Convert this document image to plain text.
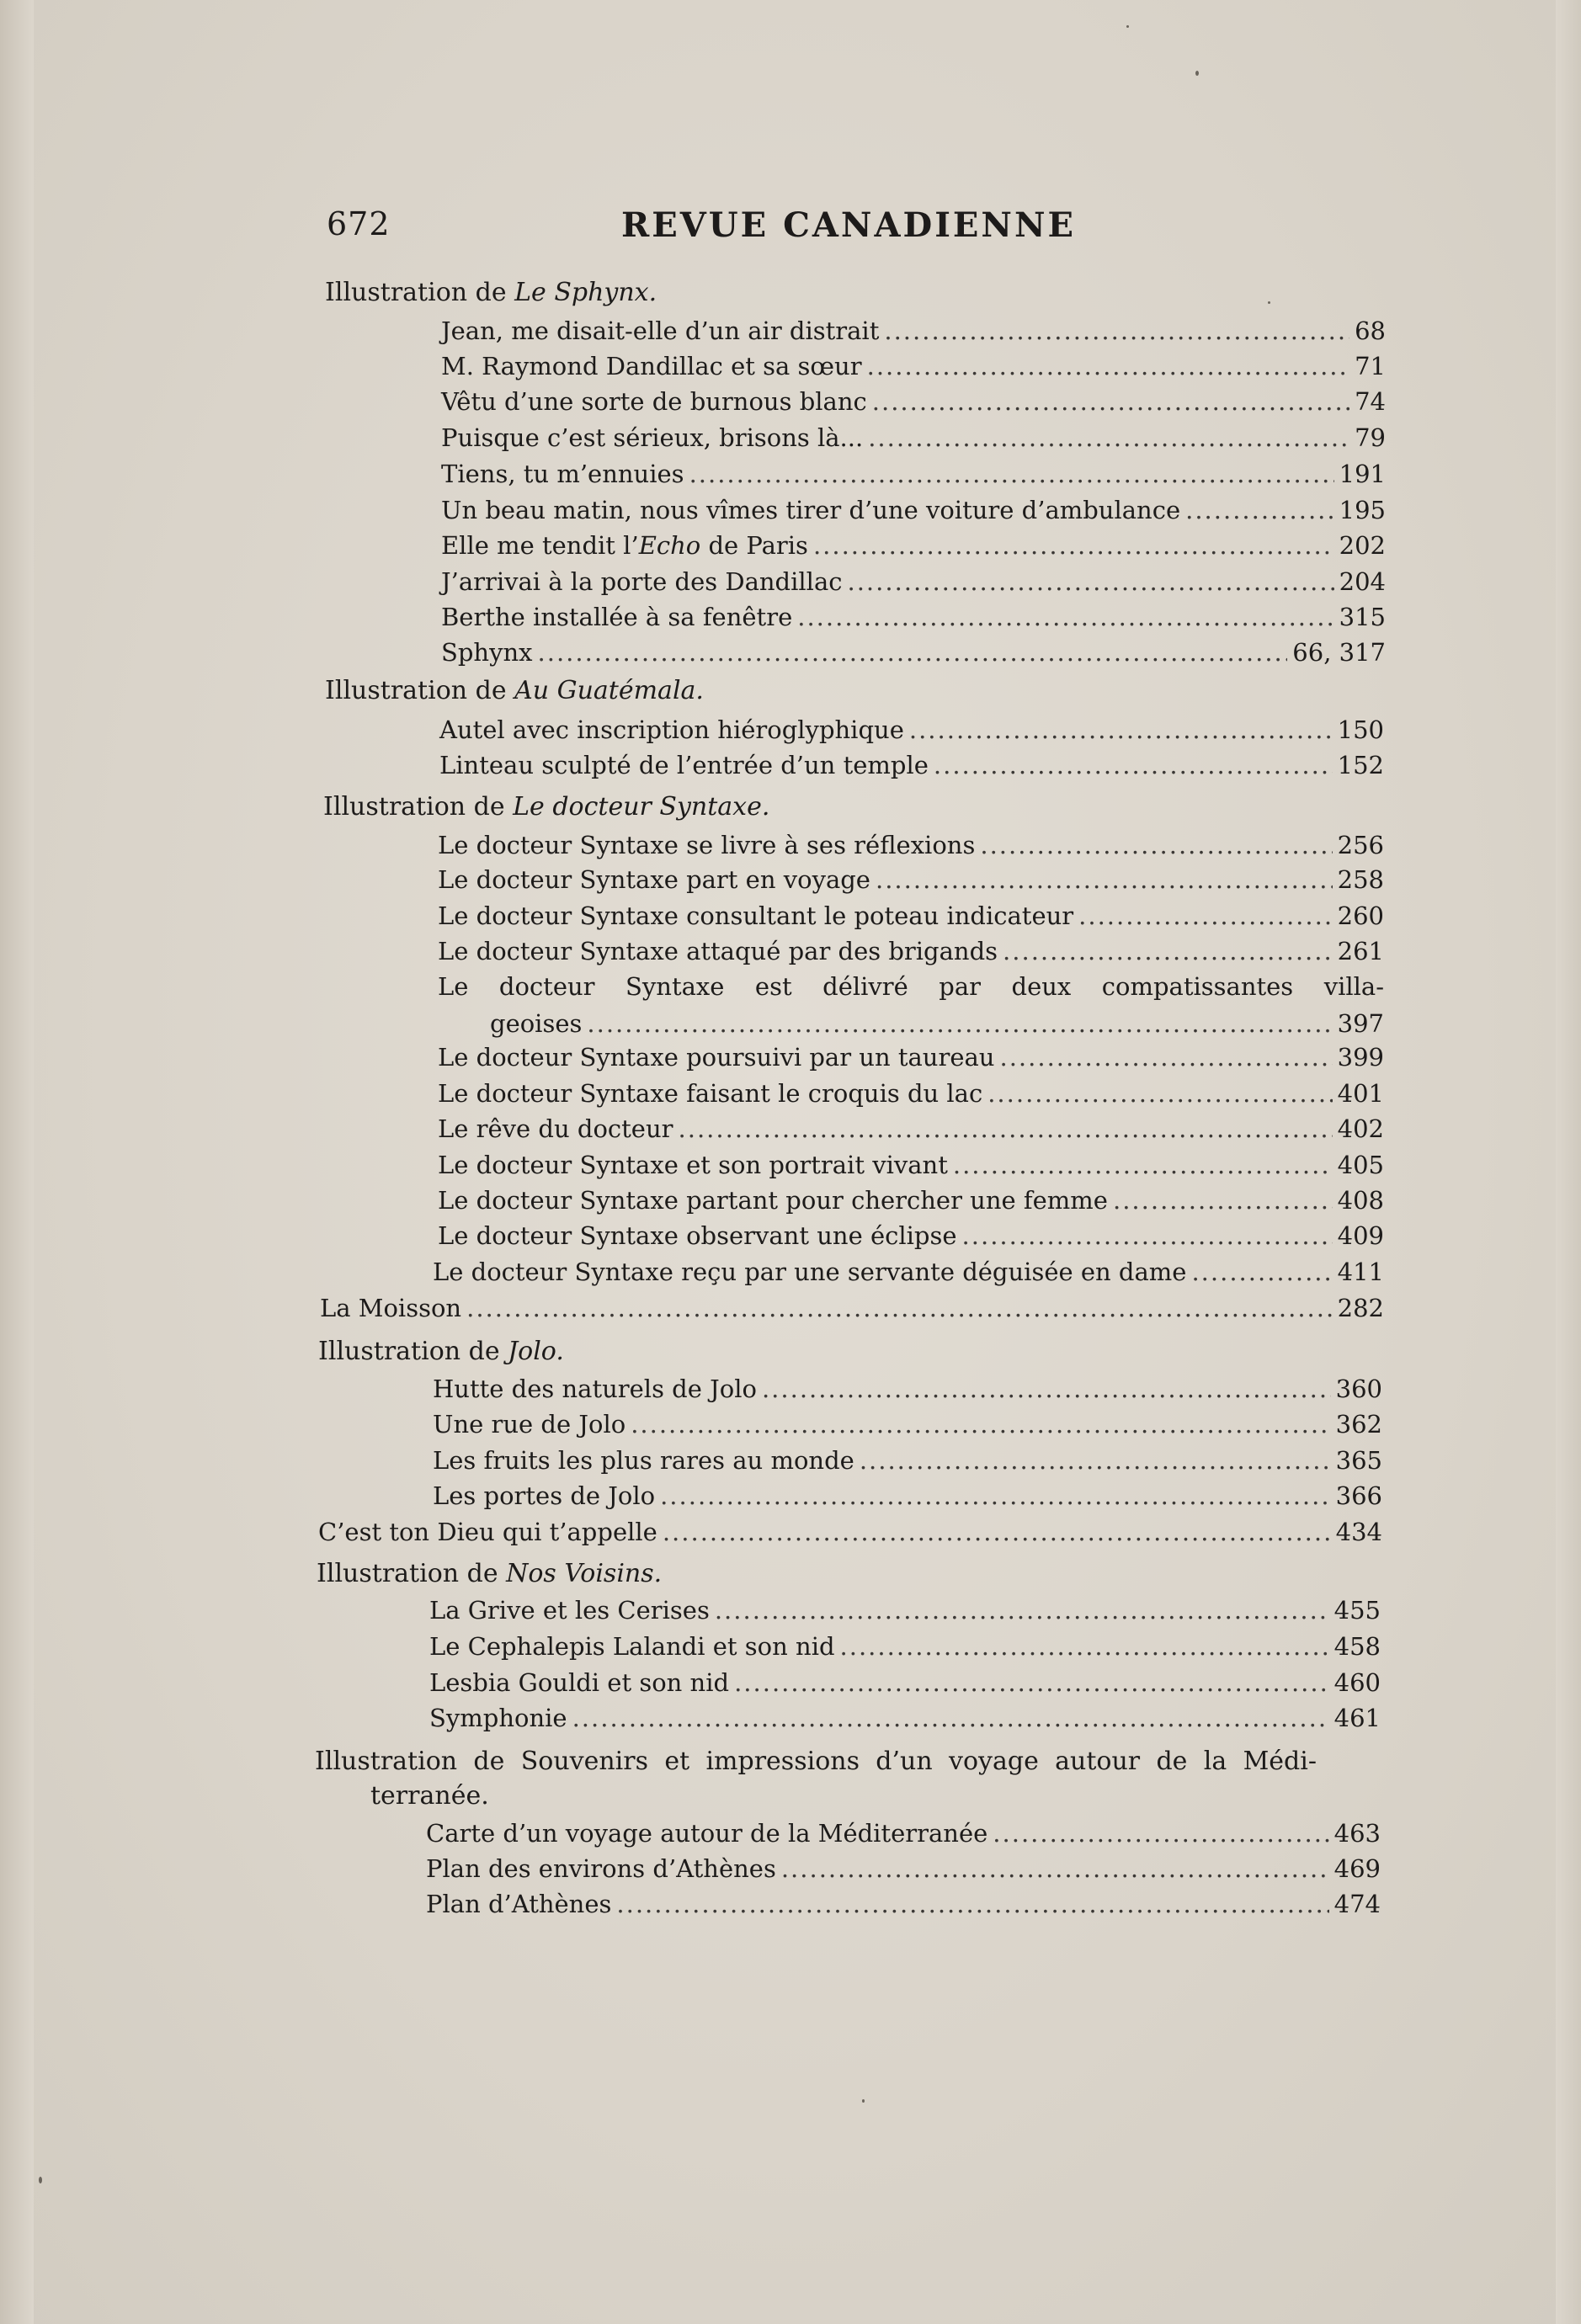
672	REVUE CANADIENNE
Illustration de Le Sphynx.
Jean, me disait-elle d’un air distrait .....	68
M. Raymond Dandillac et sa sœur .....	71
Vêtu d’une sorte de burnous blanc .....	74
Puisque c’est sérieux, brisons là... .....	79
Tiens, tu m’ennuies .....	191
Un beau matin, nous vîmes tirer d’une voiture d’ambulance .....	195
Elle me tendit l’Echo de Paris .....	202
J’arrivai à la porte des Dandillac .....	204
Berthe installée à sa fenêtre .....	315
Sphynx .....	66, 317
Illustration de Au Guatémala.
Autel avec inscription hiéroglyphique .....	150
Linteau sculpté de l’entrée d’un temple .....	152
Illustration de Le docteur Syntaxe.
Le docteur Syntaxe se livre à ses réflexions .....	256
Le docteur Syntaxe part en voyage .....	258
Le docteur Syntaxe consultant le poteau indicateur .....	260
Le docteur Syntaxe attaqué par des brigands .....	261
Le docteur Syntaxe est délivré par deux compatissantes villa-
geoises .....	397
Le docteur Syntaxe poursuivi par un taureau .....	399
Le docteur Syntaxe faisant le croquis du lac .....	401
Le rêve du docteur .....	402
Le docteur Syntaxe et son portrait vivant .....	405
Le docteur Syntaxe partant pour chercher une femme .....	408
Le docteur Syntaxe observant une éclipse .....	409
Le docteur Syntaxe reçu par une servante déguisée en dame .....	411
La Moisson .....	282
Illustration de Jolo.
Hutte des naturels de Jolo .....	360
Une rue de Jolo .....	362
Les fruits les plus rares au monde .....	365
Les portes de Jolo .....	366
C’est ton Dieu qui t’appelle .....	434
Illustration de Nos Voisins.
La Grive et les Cerises .....	455
Le Cephalepis Lalandi et son nid .....	458
Lesbia Gouldi et son nid .....	460
Symphonie .....	461
Illustration de Souvenirs et impressions d’un voyage autour de la Médi-
terranée.
Carte d’un voyage autour de la Méditerranée .....	463
Plan des environs d’Athènes .....	469
Plan d’Athènes .....	474
